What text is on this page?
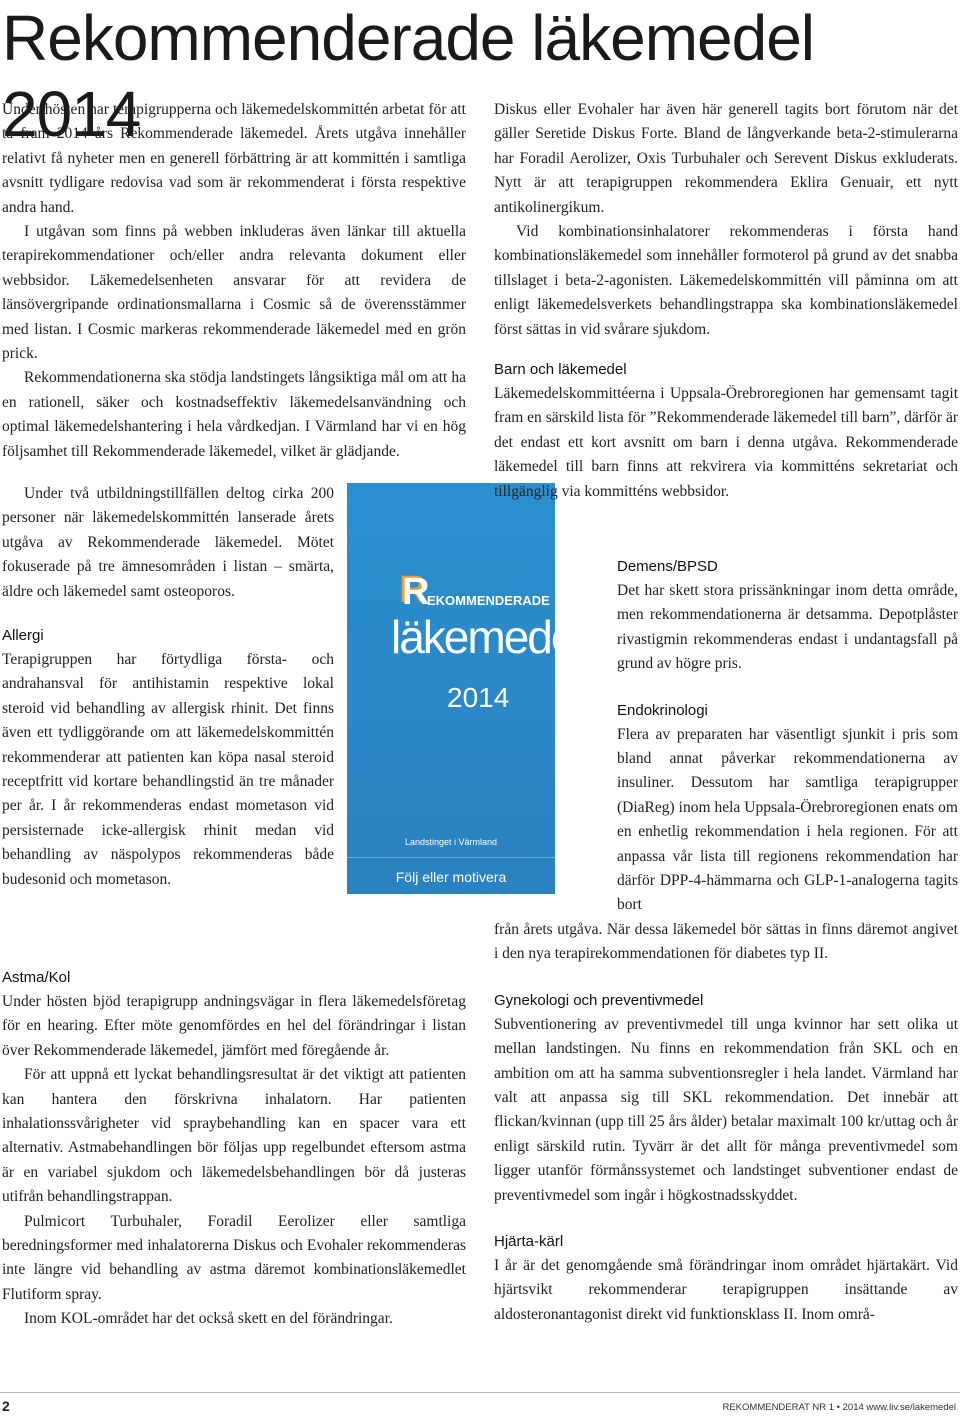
Rekommenderade läkemedel 2014

Under hösten har terapigrupperna och läkemedelskommittén arbetat för att ta fram 2014 års Rekommenderade läkemedel. Årets utgåva innehåller relativt få nyheter men en generell förbättring är att kommittén i samtliga avsnitt tydligare redovisa vad som är rekommenderat i första respektive andra hand.

I utgåvan som finns på webben inkluderas även länkar till aktuella terapirekommendationer och/eller andra relevanta dokument eller webbsidor. Läkemedelsenheten ansvarar för att revidera de länsövergripande ordinationsmallarna i Cosmic så de överensstämmer med listan. I Cosmic markeras rekommenderade läkemedel med en grön prick.

Rekommendationerna ska stödja landstingets långsiktiga mål om att ha en rationell, säker och kostnadseffektiv läkemedelsanvändning och optimal läkemedelshantering i hela vårdkedjan. I Värmland har vi en hög följsamhet till Rekommenderade läkemedel, vilket är glädjande.

Under två utbildningstillfällen deltog cirka 200 personer när läkemedelskommittén lanserade årets utgåva av Rekommenderade läkemedel. Mötet fokuserade på tre ämnesområden i listan – smärta, äldre och läkemedel samt osteoporos.

Allergi

Terapigruppen har förtydliga första- och andrahansval för antihistamin respektive lokal steroid vid behandling av allergisk rhinit. Det finns även ett tydliggörande om att läkemedelskommittén rekommenderar att patienten kan köpa nasal steroid receptfritt vid kortare behandlingstid än tre månader per år. I år rekommenderas endast mometason vid persisternade icke-allergisk rhinit medan vid behandling av näspolypos rekommenderas både budesonid och mometason.

Astma/Kol

Under hösten bjöd terapigrupp andningsvägar in flera läkemedelsföretag för en hearing. Efter möte genomfördes en hel del förändringar i listan över Rekommenderade läkemedel, jämfört med föregående år.

För att uppnå ett lyckat behandlingsresultat är det viktigt att patienten kan hantera den förskrivna inhalatorn. Har patienten inhalationssvårigheter vid spraybehandling kan en spacer vara ett alternativ. Astmabehandlingen bör följas upp regelbundet eftersom astma är en variabel sjukdom och läkemedelsbehandlingen bör då justeras utifrån behandlingstrappan.

Pulmicort Turbuhaler, Foradil Eerolizer eller samtliga beredningsformer med inhalatorerna Diskus och Evohaler rekommenderas inte längre vid behandling av astma däremot kombinationsläkemedlet Flutiform spray.

Inom KOL-området har det också skett en del förändringar.

R
EKOMMENDERADE
läkemedel
2014
Landstinget i Värmland
Följ eller motivera

Diskus eller Evohaler har även här generell tagits bort förutom när det gäller Seretide Diskus Forte. Bland de långverkande beta-2-stimulerarna har Foradil Aerolizer, Oxis Turbuhaler och Serevent Diskus exkluderats. Nytt är att terapigruppen rekommendera Eklira Genuair, ett nytt antikolinergikum.

Vid kombinationsinhalatorer rekommenderas i första hand kombinationsläkemedel som innehåller formoterol på grund av det snabba tillslaget i beta-2-agonisten. Läkemedelskommittén vill påminna om att enligt läkemedelsverkets behandlingstrappa ska kombinationsläkemedel först sättas in vid svårare sjukdom.

Barn och läkemedel

Läkemedelskommittéerna i Uppsala-Örebroregionen har gemensamt tagit fram en särskild lista för ”Rekommenderade läkemedel till barn”, därför är det endast ett kort avsnitt om barn i denna utgåva. Rekommenderade läkemedel till barn finns att rekvirera via kommitténs sekretariat och tillgänglig via kommitténs webbsidor.

Demens/BPSD

Det har skett stora prissänkningar inom detta område, men rekommendationerna är detsamma. Depotplåster rivastigmin rekommenderas endast i undantagsfall på grund av högre pris.

Endokrinologi

Flera av preparaten har väsentligt sjunkit i pris som bland annat påverkar rekommendationerna av insuliner. Dessutom har samtliga terapigrupper (DiaReg) inom hela Uppsala-Örebroregionen enats om en enhetlig rekommendation i hela regionen. För att anpassa vår lista till regionens rekommendation har därför DPP-4-hämmarna och GLP-1-analogerna tagits bort

från årets utgåva. När dessa läkemedel bör sättas in finns däremot angivet i den nya terapirekommendationen för diabetes typ II.

Gynekologi och preventivmedel

Subventionering av preventivmedel till unga kvinnor har sett olika ut mellan landstingen. Nu finns en rekommendation från SKL och en ambition om att ha samma subventionsregler i hela landet. Värmland har valt att anpassa sig till SKL rekommendation. Det innebär att flickan/kvinnan (upp till 25 års ålder) betalar maximalt 100 kr/uttag och år enligt särskild rutin. Tyvärr är det allt för många preventivmedel som ligger utanför förmånssystemet och landstinget subventioner endast de preventivmedel som ingår i högkostnadsskyddet.

Hjärta-kärl

I år är det genomgående små förändringar inom området hjärtakärt. Vid hjärtsvikt rekommenderar terapigruppen insättande av aldosteronantagonist direkt vid funktionsklass II. Inom områ-

2	REKOMMENDERAT NR 1 • 2014 www.liv.se/lakemedel
